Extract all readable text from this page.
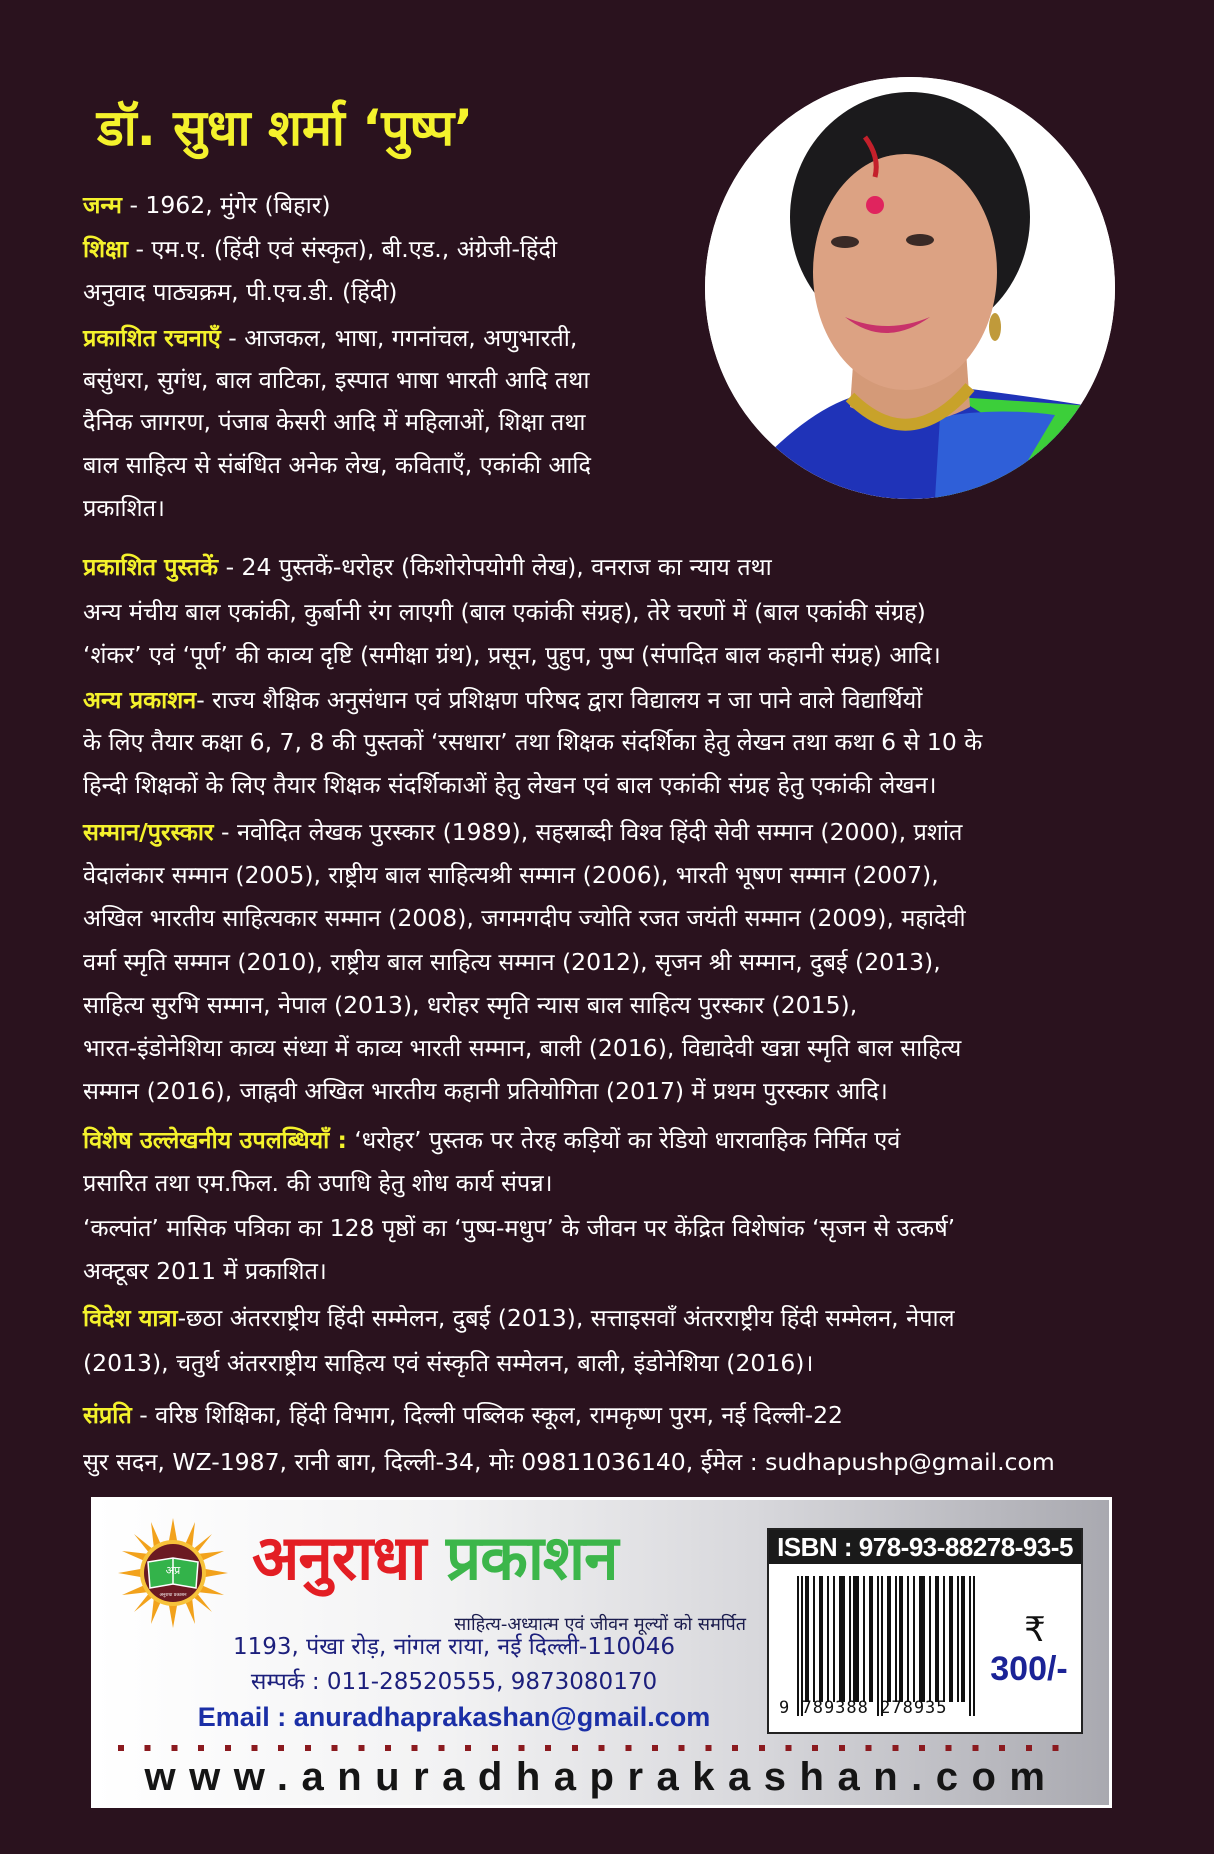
डॉ. सुधा शर्मा ‘पुष्प’
जन्म - 1962, मुंगेर (बिहार)
शिक्षा - एम.ए. (हिंदी एवं संस्कृत), बी.एड., अंग्रेजी-हिंदी
अनुवाद पाठ्यक्रम, पी.एच.डी. (हिंदी)
प्रकाशित रचनाएँ - आजकल, भाषा, गगनांचल, अणुभारती,
बसुंधरा, सुगंध, बाल वाटिका, इस्पात भाषा भारती आदि तथा
दैनिक जागरण, पंजाब केसरी आदि में महिलाओं, शिक्षा तथा
बाल साहित्य से संबंधित अनेक लेख, कविताएँ, एकांकी आदि
प्रकाशित।
प्रकाशित पुस्तकें - 24 पुस्तकें-धरोहर (किशोरोपयोगी लेख), वनराज का न्याय तथा
अन्य मंचीय बाल एकांकी, कुर्बानी रंग लाएगी (बाल एकांकी संग्रह), तेरे चरणों में (बाल एकांकी संग्रह)
‘शंकर’ एवं ‘पूर्ण’ की काव्य दृष्टि (समीक्षा ग्रंथ), प्रसून, पुहुप, पुष्प (संपादित बाल कहानी संग्रह) आदि।
अन्य प्रकाशन- राज्य शैक्षिक अनुसंधान एवं प्रशिक्षण परिषद द्वारा विद्यालय न जा पाने वाले विद्यार्थियों
के लिए तैयार कक्षा 6, 7, 8 की पुस्तकों ‘रसधारा’ तथा शिक्षक संदर्शिका हेतु लेखन तथा कथा 6 से 10 के
हिन्दी शिक्षकों के लिए तैयार शिक्षक संदर्शिकाओं हेतु लेखन एवं बाल एकांकी संग्रह हेतु एकांकी लेखन।
सम्मान/पुरस्कार - नवोदित लेखक पुरस्कार (1989), सहस्राब्दी विश्व हिंदी सेवी सम्मान (2000), प्रशांत
वेदालंकार सम्मान (2005), राष्ट्रीय बाल साहित्यश्री सम्मान (2006), भारती भूषण सम्मान (2007),
अखिल भारतीय साहित्यकार सम्मान (2008), जगमगदीप ज्योति रजत जयंती सम्मान (2009), महादेवी
वर्मा स्मृति सम्मान (2010), राष्ट्रीय बाल साहित्य सम्मान (2012), सृजन श्री सम्मान, दुबई (2013),
साहित्य सुरभि सम्मान, नेपाल (2013), धरोहर स्मृति न्यास बाल साहित्य पुरस्कार (2015),
भारत-इंडोनेशिया काव्य संध्या में काव्य भारती सम्मान, बाली (2016), विद्यादेवी खन्ना स्मृति बाल साहित्य
सम्मान (2016), जाह्नवी अखिल भारतीय कहानी प्रतियोगिता (2017) में प्रथम पुरस्कार आदि।
विशेष उल्लेखनीय उपलब्धियाँ : ‘धरोहर’ पुस्तक पर तेरह कड़ियों का रेडियो धारावाहिक निर्मित एवं
प्रसारित तथा एम.फिल. की उपाधि हेतु शोध कार्य संपन्न।
‘कल्पांत’ मासिक पत्रिका का 128 पृष्ठों का ‘पुष्प-मधुप’ के जीवन पर केंद्रित विशेषांक ‘सृजन से उत्कर्ष’
अक्टूबर 2011 में प्रकाशित।
विदेश यात्रा-छठा अंतरराष्ट्रीय हिंदी सम्मेलन, दुबई (2013), सत्ताइसवाँ अंतरराष्ट्रीय हिंदी सम्मेलन, नेपाल
(2013), चतुर्थ अंतरराष्ट्रीय साहित्य एवं संस्कृति सम्मेलन, बाली, इंडोनेशिया (2016)।
संप्रति - वरिष्ठ शिक्षिका, हिंदी विभाग, दिल्ली पब्लिक स्कूल, रामकृष्ण पुरम, नई दिल्ली-22
सुर सदन, WZ-1987, रानी बाग, दिल्ली-34, मोः 09811036140, ईमेल : sudhapushp@gmail.com
अप्र
अनुराधा प्रकाशन
अनुराधा प्रकाशन
साहित्य-अध्यात्म एवं जीवन मूल्यों को समर्पित
1193, पंखा रोड़, नांगल राया, नई दिल्ली-110046
सम्पर्क : 011-28520555, 9873080170
Email : anuradhaprakashan@gmail.com
ISBN : 978-93-88278-93-5
9 789388 278935
₹
300/-
www.anuradhaprakashan.com
